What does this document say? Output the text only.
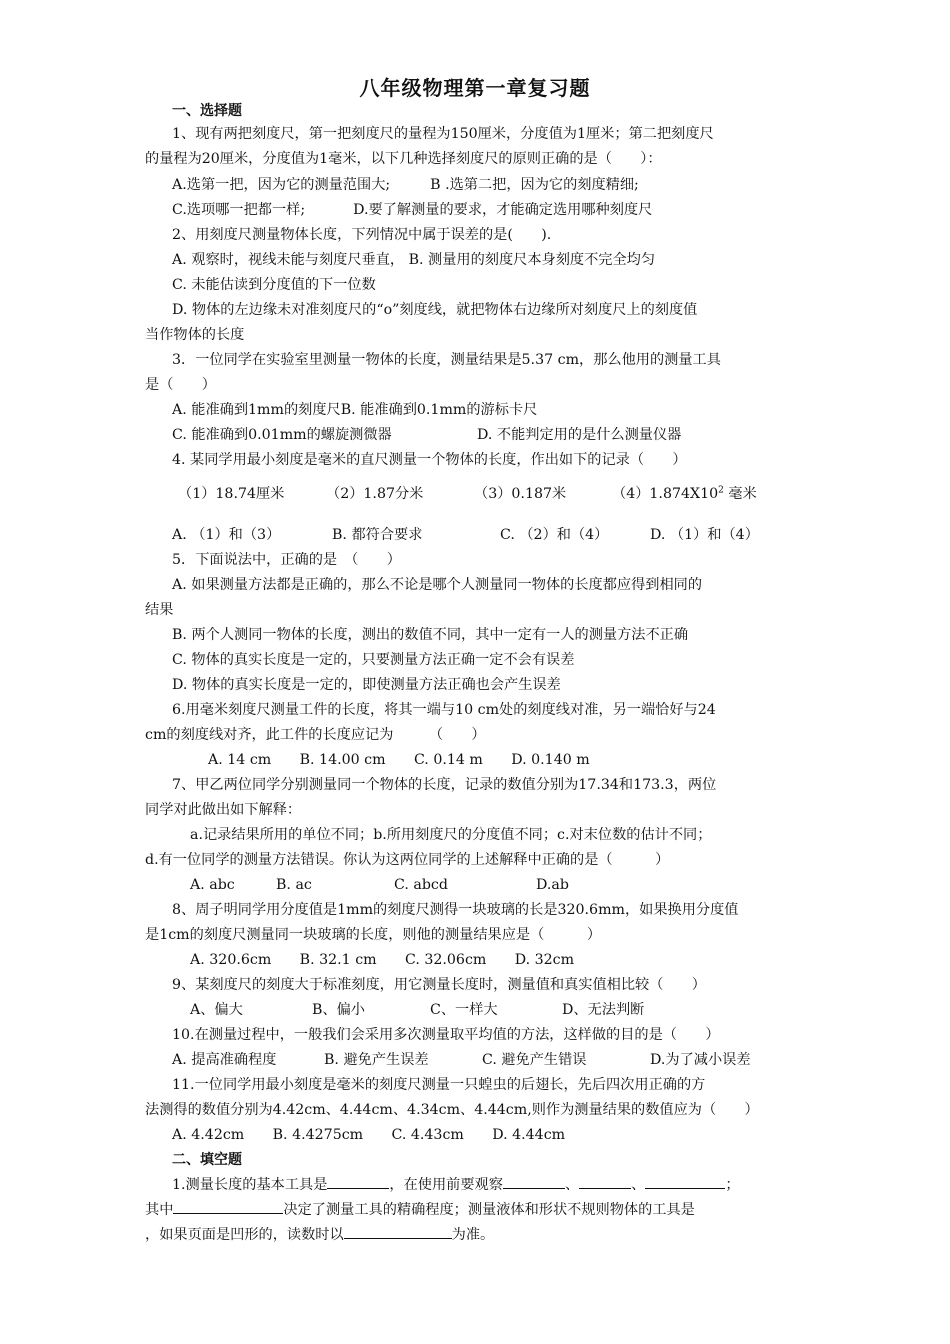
八年级物理第一章复习题
一、选择题
1、现有两把刻度尺，第一把刻度尺的量程为150厘米，分度值为1厘米；第二把刻度尺
的量程为20厘米，分度值为1毫米，以下几种选择刻度尺的原则正确的是（　　）：
A.选第一把，因为它的测量范围大;	B .选第二把，因为它的刻度精细;
C.选项哪一把都一样;	D.要了解测量的要求，才能确定选用哪种刻度尺
2、用刻度尺测量物体长度，下列情况中属于误差的是(　　).
A. 观察时，视线未能与刻度尺垂直， B. 测量用的刻度尺本身刻度不完全均匀
C. 未能估读到分度值的下一位数
D. 物体的左边缘未对准刻度尺的“o”刻度线，就把物体右边缘所对刻度尺上的刻度值
当作物体的长度
3．一位同学在实验室里测量一物体的长度，测量结果是5.37 cm，那么他用的测量工具
是（　　）
A. 能准确到1mm的刻度尺B. 能准确到0.1mm的游标卡尺
C. 能准确到0.01mm的螺旋测微器	D. 不能判定用的是什么测量仪器
4. 某同学用最小刻度是毫米的直尺测量一个物体的长度，作出如下的记录（　　）
（1）18.74厘米	（2）1.87分米	（3）0.187米	$(4)1.874X10^2$ 毫米
A. （1）和（3）	B. 都符合要求	C. （2）和（4）	D. （1）和（4）
5．下面说法中，正确的是　（　　）
A. 如果测量方法都是正确的，那么不论是哪个人测量同一物体的长度都应得到相同的
结果
B. 两个人测同一物体的长度，测出的数值不同，其中一定有一人的测量方法不正确
C. 物体的真实长度是一定的，只要测量方法正确一定不会有误差
D. 物体的真实长度是一定的，即使测量方法正确也会产生误差
6.用毫米刻度尺测量工件的长度，将其一端与10 cm处的刻度线对准，另一端恰好与24
cm的刻度线对齐，此工件的长度应记为　　　（　　）
A. 14 cm　　B. 14.00 cm　　C. 0.14 m　　D. 0.140 m
7、甲乙两位同学分别测量同一个物体的长度，记录的数值分别为17.34和173.3，两位
同学对此做出如下解释：
a.记录结果所用的单位不同；b.所用刻度尺的分度值不同；c.对末位数的估计不同；
d.有一位同学的测量方法错误。你认为这两位同学的上述解释中正确的是（　　　）
A. abc	B. ac	C. abcd	D.ab
8、周子明同学用分度值是1mm的刻度尺测得一块玻璃的长是320.6mm，如果换用分度值
是1cm的刻度尺测量同一块玻璃的长度，则他的测量结果应是（　　　）
A. 320.6cm　　B. 32.1 cm　　C. 32.06cm　　D. 32cm
9、某刻度尺的刻度大于标准刻度，用它测量长度时，测量值和真实值相比较（　　）
A、偏大	B、偏小	C、一样大	D、无法判断
10.在测量过程中，一般我们会采用多次测量取平均值的方法，这样做的目的是（　　）
A. 提高准确程度	B. 避免产生误差	C. 避免产生错误	D.为了减小误差
11.一位同学用最小刻度是毫米的刻度尺测量一只蝗虫的后翅长，先后四次用正确的方
法测得的数值分别为4.42cm、4.44cm、4.34cm、4.44cm,则作为测量结果的数值应为（　　）
A. 4.42cm　　B. 4.4275cm　　C. 4.43cm　　D. 4.44cm
二、填空题
1.测量长度的基本工具是	，在使用前要观察	、	、	；
其中	决定了测量工具的精确程度；测量液体和形状不规则物体的工具是
，如果页面是凹形的，读数时以	为准。
